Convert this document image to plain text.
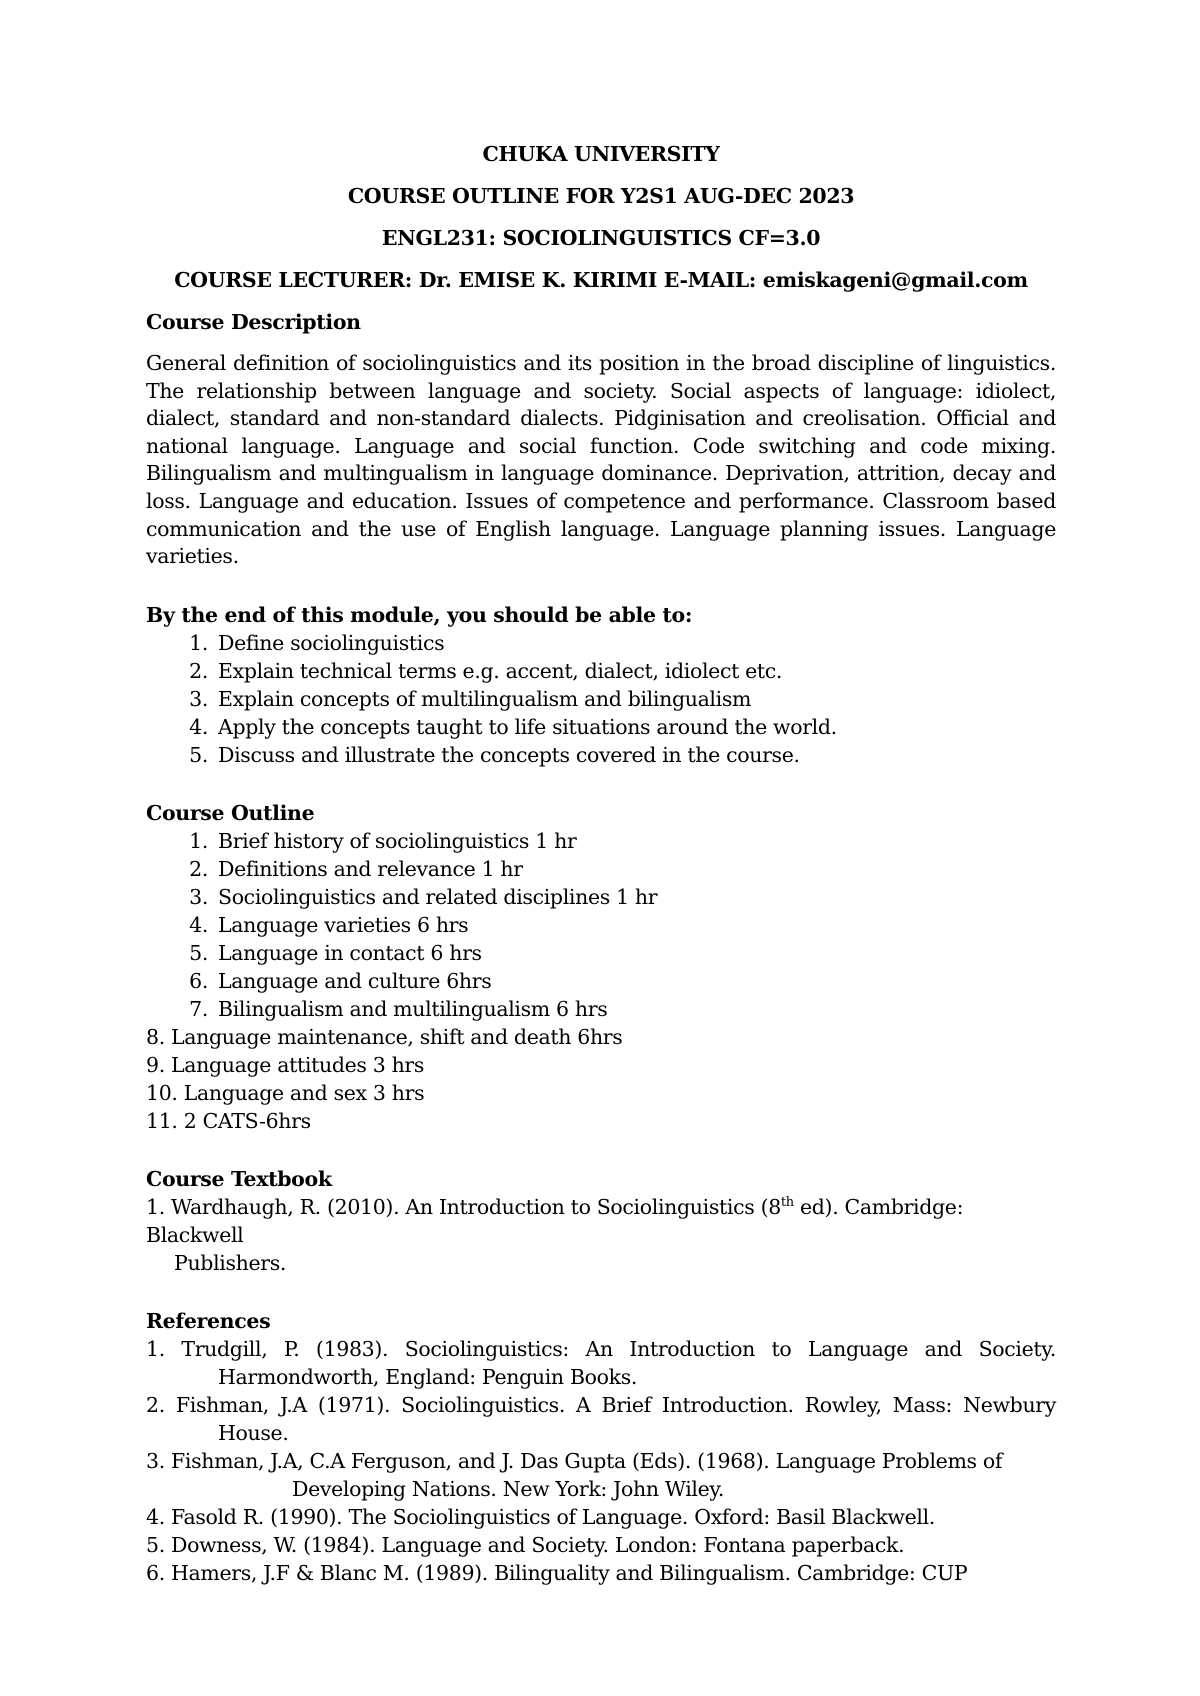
CHUKA UNIVERSITY

COURSE OUTLINE FOR Y2S1 AUG-DEC 2023

ENGL231: SOCIOLINGUISTICS CF=3.0

COURSE LECTURER: Dr. EMISE K. KIRIMI E-MAIL: emiskageni@gmail.com

Course Description

General definition of sociolinguistics and its position in the broad discipline of linguistics. The relationship between language and society. Social aspects of language: idiolect, dialect, standard and non-standard dialects. Pidginisation and creolisation. Official and national language. Language and social function. Code switching and code mixing. Bilingualism and multingualism in language dominance. Deprivation, attrition, decay and loss. Language and education. Issues of competence and performance. Classroom based communication and the use of English language. Language planning issues. Language varieties.

By the end of this module, you should be able to:

1. Define sociolinguistics
2. Explain technical terms e.g. accent, dialect, idiolect etc.
3. Explain concepts of multilingualism and bilingualism
4. Apply the concepts taught to life situations around the world.
5. Discuss and illustrate the concepts covered in the course.

Course Outline

1. Brief history of sociolinguistics 1 hr
2. Definitions and relevance 1 hr
3. Sociolinguistics and related disciplines 1 hr
4. Language varieties 6 hrs
5. Language in contact 6 hrs
6. Language and culture 6hrs
7. Bilingualism and multilingualism 6 hrs

8. Language maintenance, shift and death 6hrs

9. Language attitudes 3 hrs

10. Language and sex 3 hrs

11. 2 CATS-6hrs

Course Textbook

1. Wardhaugh, R. (2010). An Introduction to Sociolinguistics (8th ed). Cambridge: Blackwell

Publishers.

References

1. Trudgill, P. (1983). Sociolinguistics: An Introduction to Language and Society.

Harmondworth, England: Penguin Books.

2. Fishman, J.A (1971). Sociolinguistics. A Brief Introduction. Rowley, Mass: Newbury

House.

3. Fishman, J.A, C.A Ferguson, and J. Das Gupta (Eds). (1968). Language Problems of

Developing Nations. New York: John Wiley.

4. Fasold R. (1990). The Sociolinguistics of Language. Oxford: Basil Blackwell.

5. Downess, W. (1984). Language and Society. London: Fontana paperback.

6. Hamers, J.F & Blanc M. (1989). Bilinguality and Bilingualism. Cambridge: CUP
